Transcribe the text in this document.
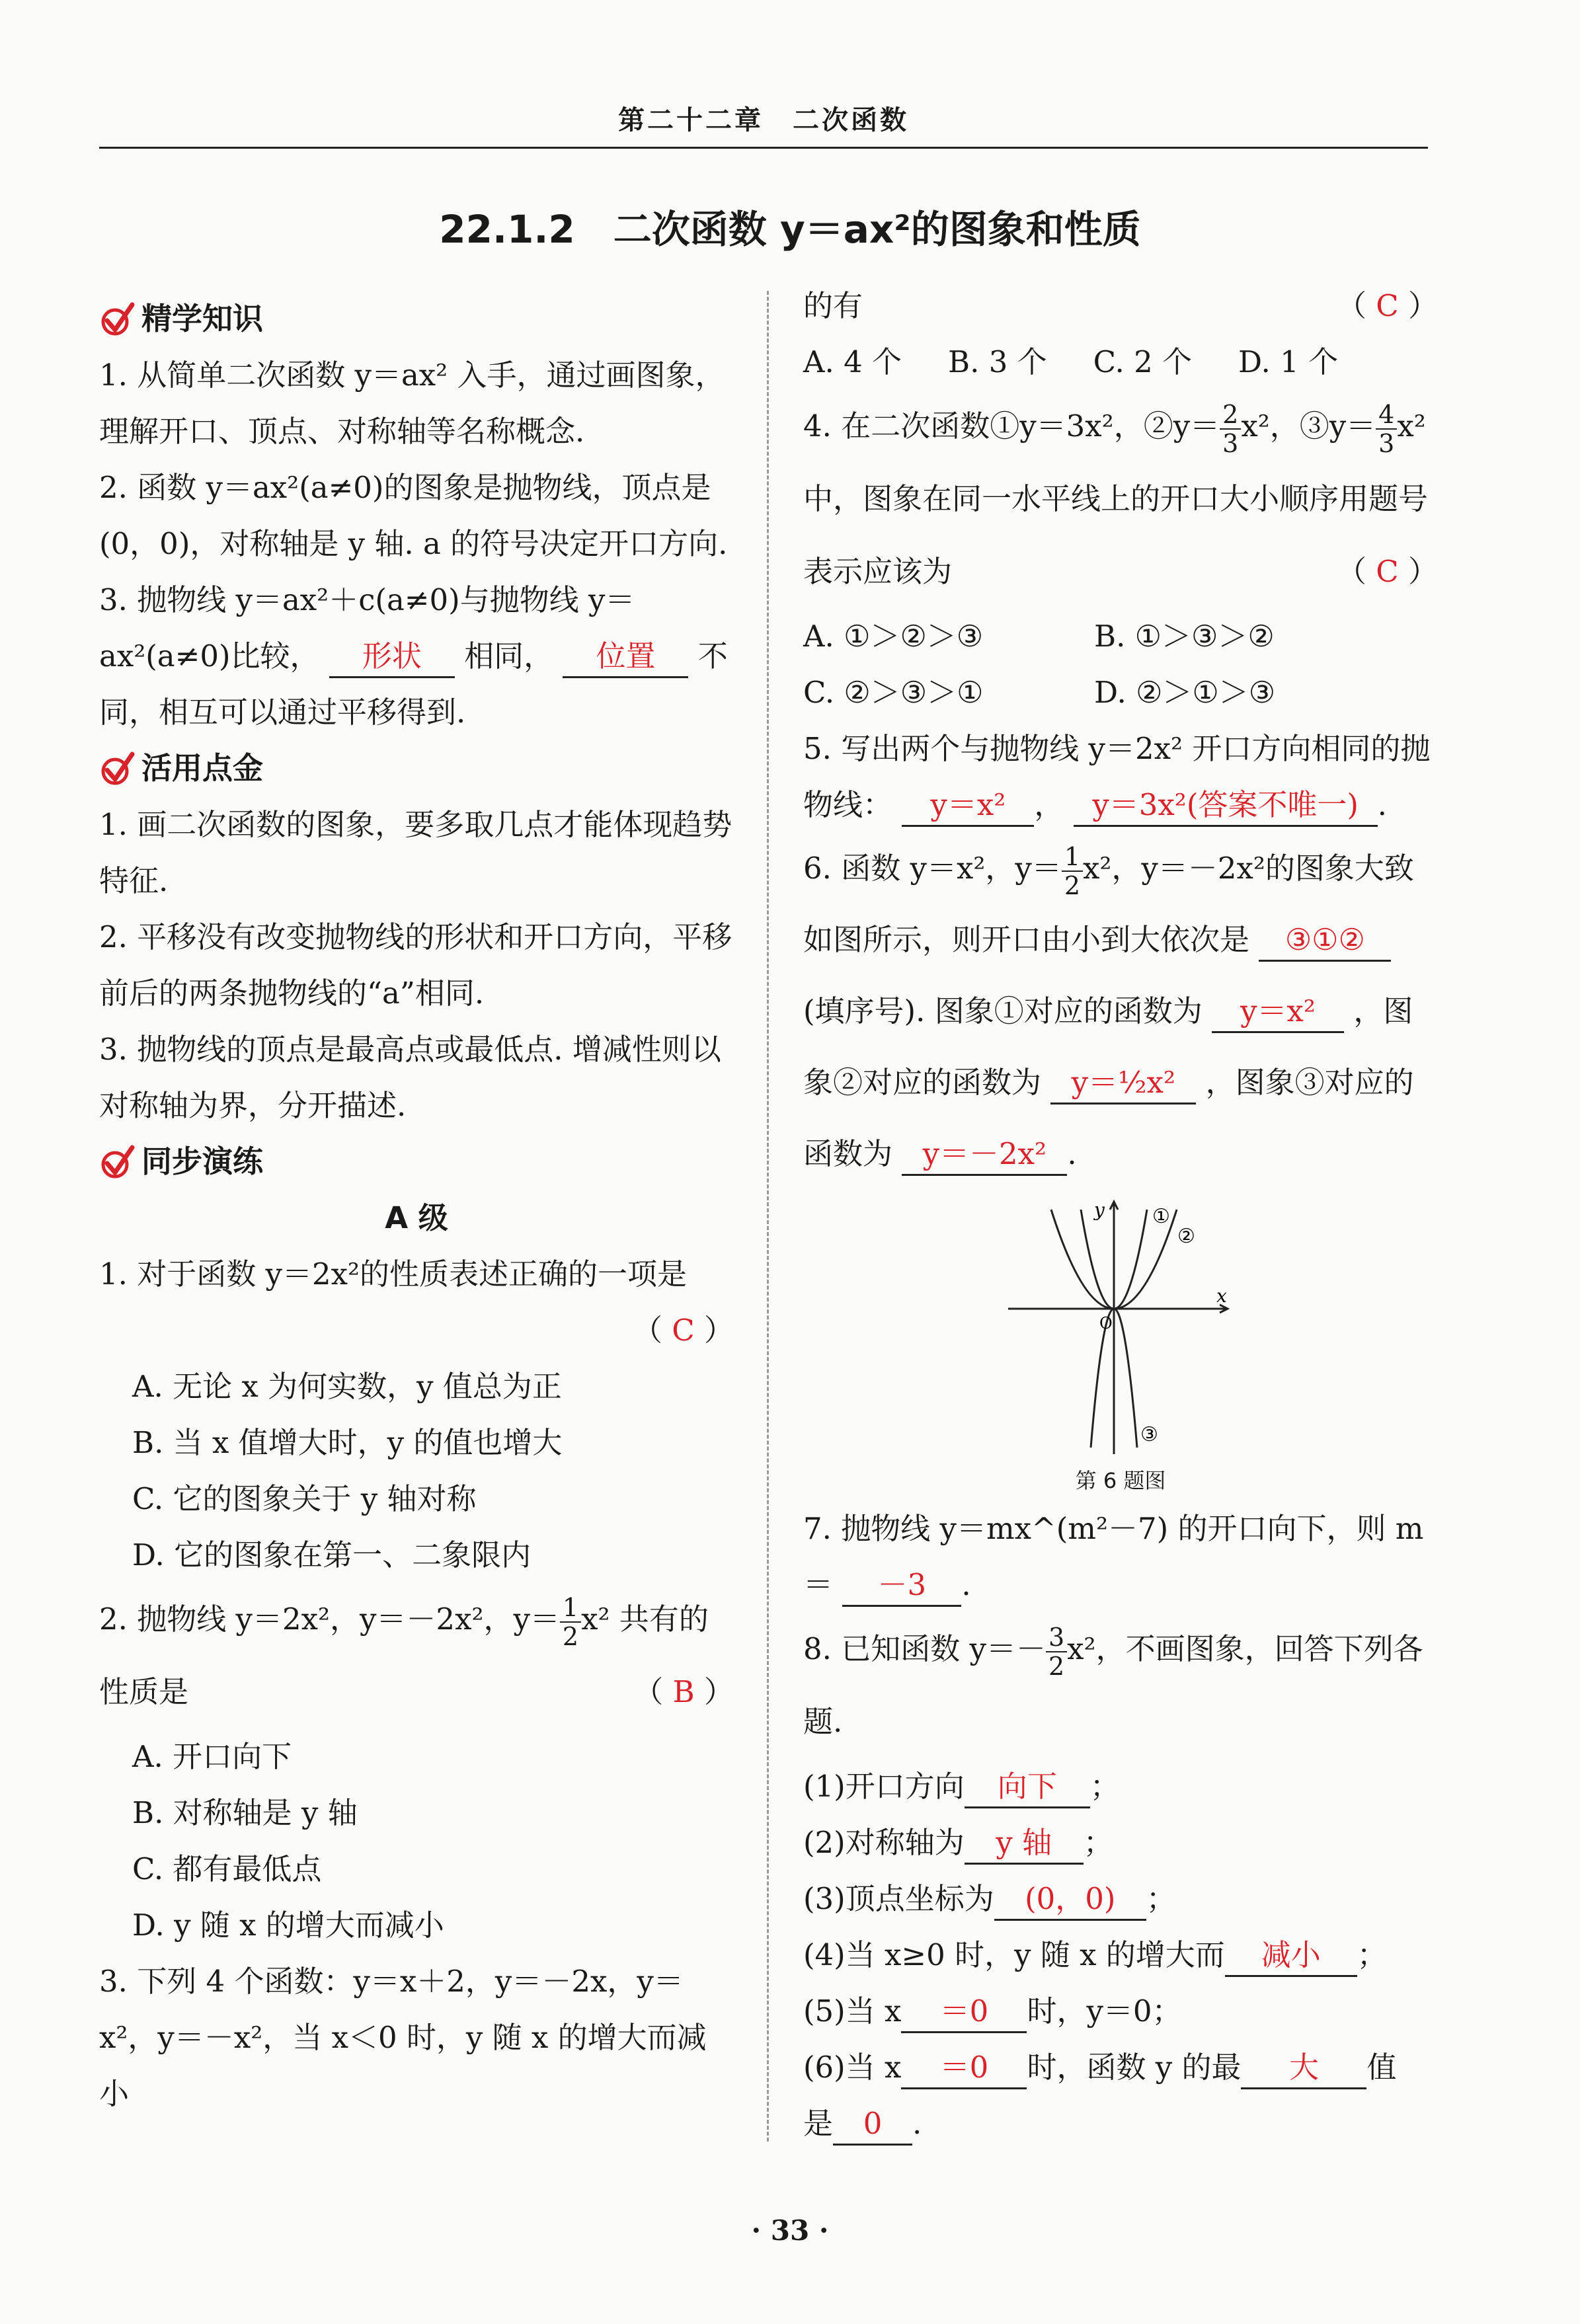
第二十二章　二次函数
22.1.2　二次函数 y＝ax²的图象和性质
精学知识
1. 从简单二次函数 y＝ax² 入手，通过画图象，理解开口、顶点、对称轴等名称概念.
2. 函数 y＝ax²(a≠0)的图象是抛物线，顶点是(0，0)，对称轴是 y 轴. a 的符号决定开口方向.
3. 抛物线 y＝ax²＋c(a≠0)与抛物线 y＝ax²(a≠0)比较， 形状 相同， 位置 不同，相互可以通过平移得到.
活用点金
1. 画二次函数的图象，要多取几点才能体现趋势特征.
2. 平移没有改变抛物线的形状和开口方向，平移前后的两条抛物线的“a”相同.
3. 抛物线的顶点是最高点或最低点. 增减性则以对称轴为界，分开描述.
同步演练
A 级
1. 对于函数 y＝2x²的性质表述正确的一项是
（ C ）
A. 无论 x 为何实数，y 值总为正
B. 当 x 值增大时，y 的值也增大
C. 它的图象关于 y 轴对称
D. 它的图象在第一、二象限内
2. 抛物线 y＝2x²，y＝－2x²，$y= \frac{1}{2} x^2$ 共有的性质是	（ B ）
A. 开口向下
B. 对称轴是 y 轴
C. 都有最低点
D. y 随 x 的增大而减小
3. 下列 4 个函数：y＝x＋2，y＝－2x，y＝x²，y＝－x²，当 x＜0 时，y 随 x 的增大而减小
的有	（ C ）
A. 4 个 B. 3 个 C. 2 个 D. 1 个
4. 在二次函数①y＝3x²，②y＝ $\frac{2}{3} x^2$，③y＝ $\frac{4}{3} x^2$中，图象在同一水平线上的开口大小顺序用题号表示应该为	（ C ）
A. ①＞②＞③	B. ①＞③＞②
C. ②＞③＞①	D. ②＞①＞③
5. 写出两个与抛物线 y＝2x² 开口方向相同的抛物线： y＝x² ， y＝3x²(答案不唯一) .
6. 函数 y＝x²，$y= \frac{1}{2} x^2$，y＝－2x²的图象大致如图所示，则开口由小到大依次是 ③①② (填序号). 图象①对应的函数为 y＝x² ，图象②对应的函数为 y＝½x² ，图象③对应的函数为 y＝－2x² .
①
②
③
y
x
O
第 6 题图
7. 抛物线 y＝mx^(m²－7) 的开口向下，则 m＝ －3 .
8. 已知函数 $y=- \frac{3}{2} x^2$，不画图象，回答下列各题.
(1)开口方向 向下 ；
(2)对称轴为 y 轴 ；
(3)顶点坐标为 (0，0) ；
(4)当 x≥0 时，y 随 x 的增大而 减小 ；
(5)当 x ＝0 时，y＝0；
(6)当 x ＝0 时，函数 y 的最 大 值

是 0 .
· 33 ·
